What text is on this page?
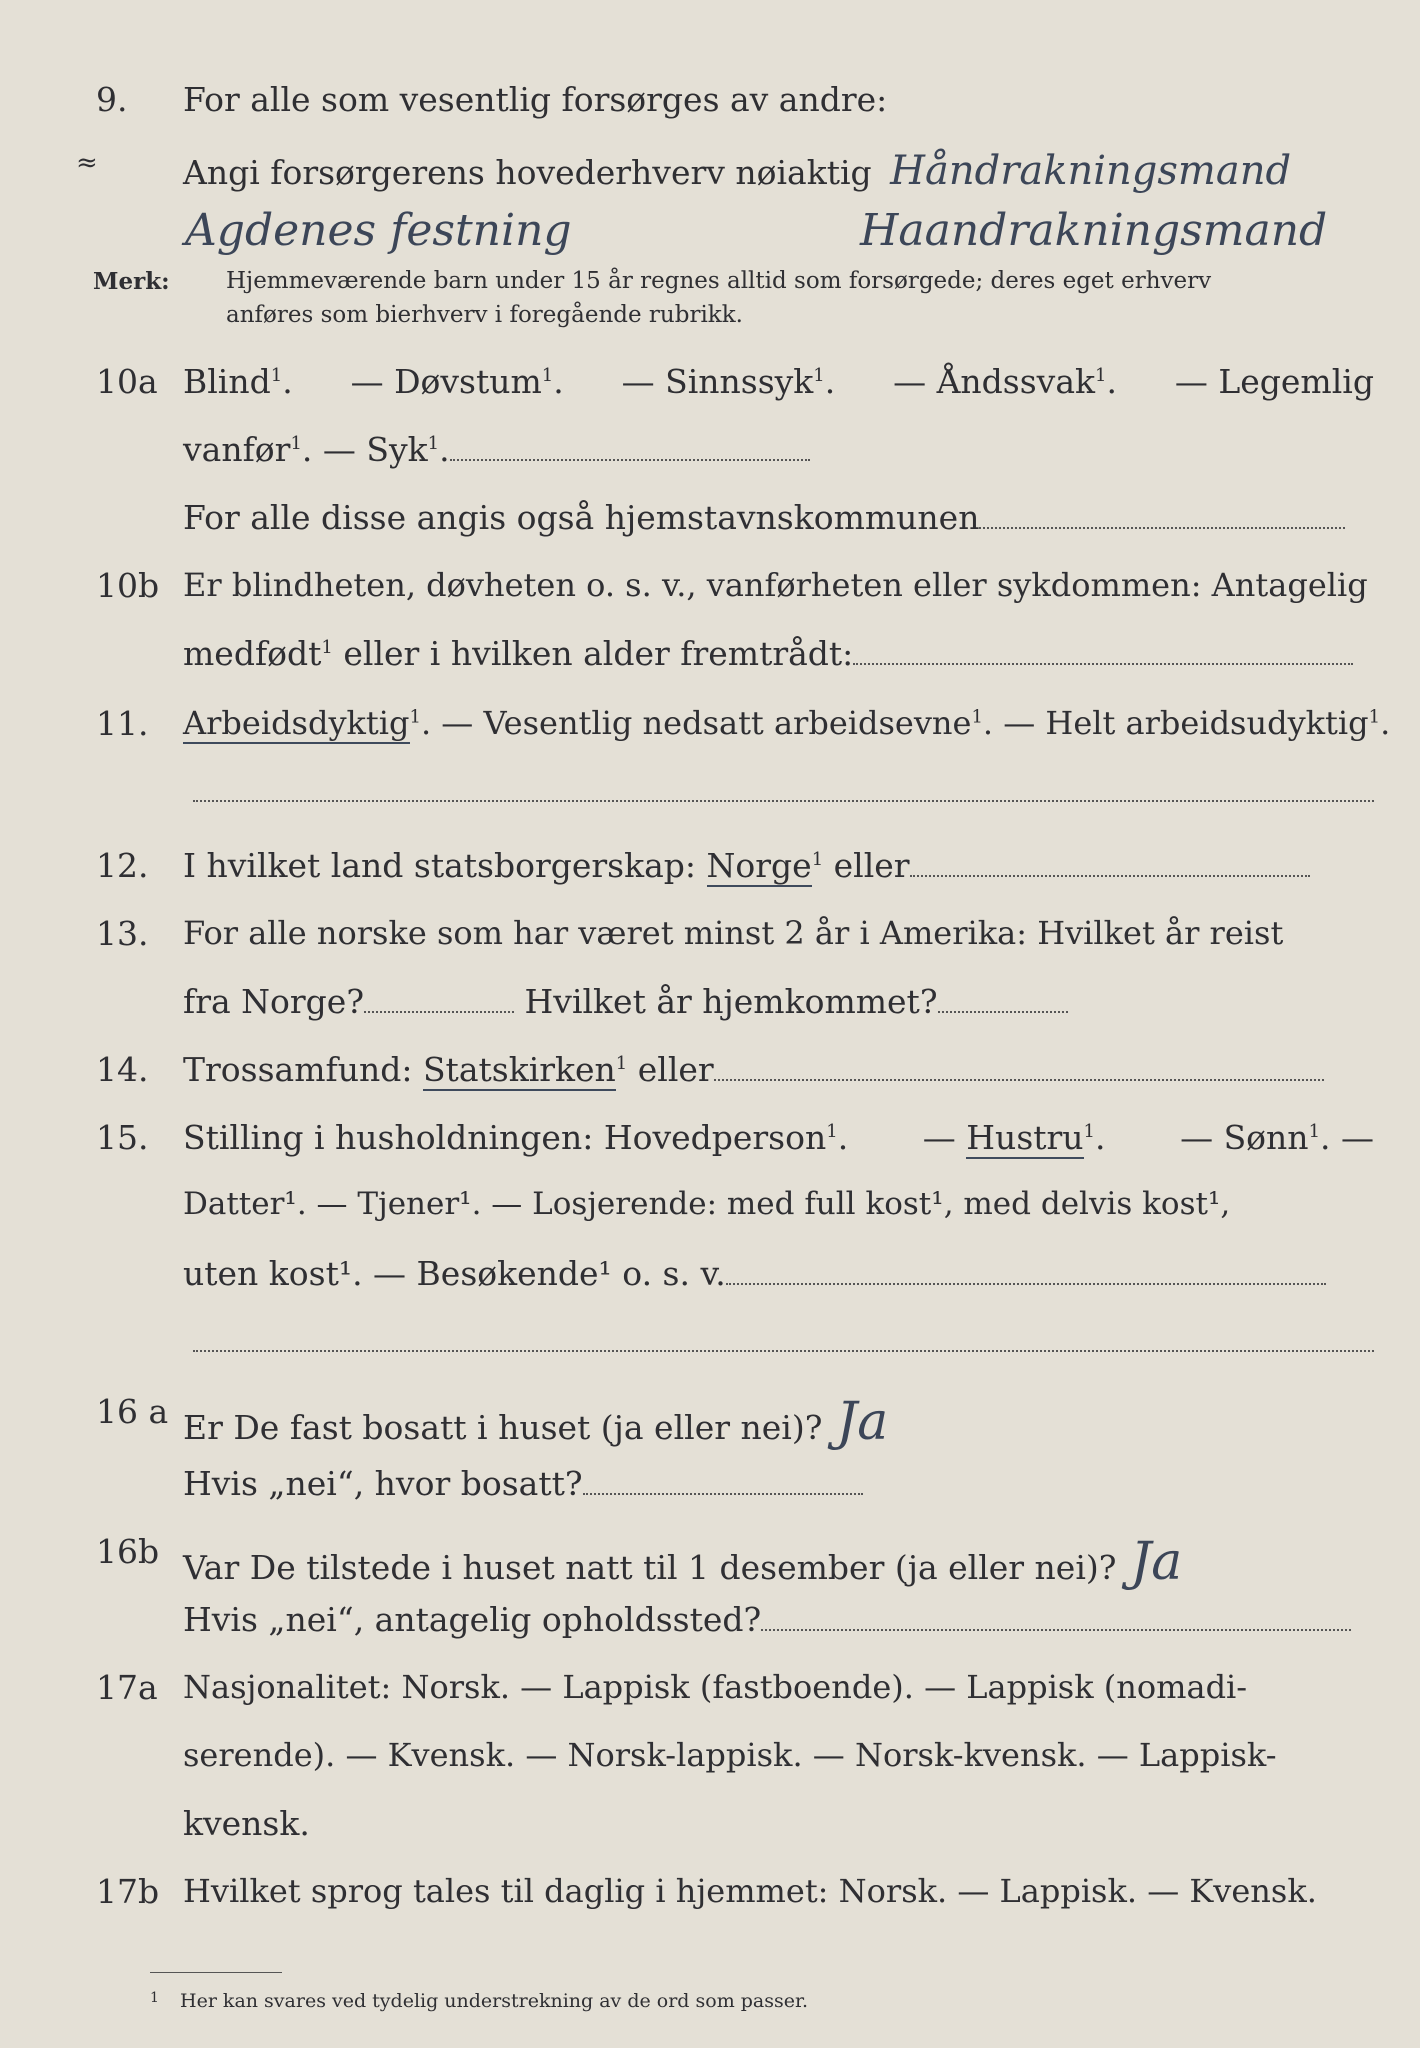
9. For alle som vesentlig forsørges av andre:
≈	Angi forsørgerens hovederhverv nøiaktig Håndrakningsmand
Agdenes festning	Haandrakningsmand
Merk: Hjemmeværende barn under 15 år regnes alltid som forsørgede; deres eget erhverv
anføres som bierhverv i foregående rubrikk.
10a Blind$^1$. — Døvstum$^1$. — Sinnssyk$^1$. — Åndssvak$^1$. — Legemlig
vanfør$^1$. — Syk$^1$.
For alle disse angis også hjemstavnskommunen
10b Er blindheten, døvheten o. s. v., vanførheten eller sykdommen: Antagelig
medfødt$^1$ eller i hvilken alder fremtrådt:
11. Arbeidsdyktig$^1$. — Vesentlig nedsatt arbeidsevne$^1$. — Helt arbeidsudyktig$^1$.
12. I hvilket land statsborgerskap: Norge$^1$ eller
13. For alle norske som har været minst 2 år i Amerika: Hvilket år reist
fra Norge?	Hvilket år hjemkommet?
14. Trossamfund: Statskirken$^1$ eller
15. Stilling i husholdningen: Hovedperson$^1$. — Hustru$^1$. — Sønn$^1$. —
Datter¹. — Tjener¹. — Losjerende: med full kost¹, med delvis kost¹,
uten kost¹. — Besøkende¹ o. s. v.
16 a Er De fast bosatt i huset (ja eller nei)? Ja
Hvis „nei“, hvor bosatt?
16b Var De tilstede i huset natt til 1 desember (ja eller nei)? Ja
Hvis „nei“, antagelig opholdssted?
17a Nasjonalitet: Norsk. — Lappisk (fastboende). — Lappisk (nomadi-
serende). — Kvensk. — Norsk-lappisk. — Norsk-kvensk. — Lappisk-
kvensk.
17b Hvilket sprog tales til daglig i hjemmet: Norsk. — Lappisk. — Kvensk.
1 Her kan svares ved tydelig understrekning av de ord som passer.
